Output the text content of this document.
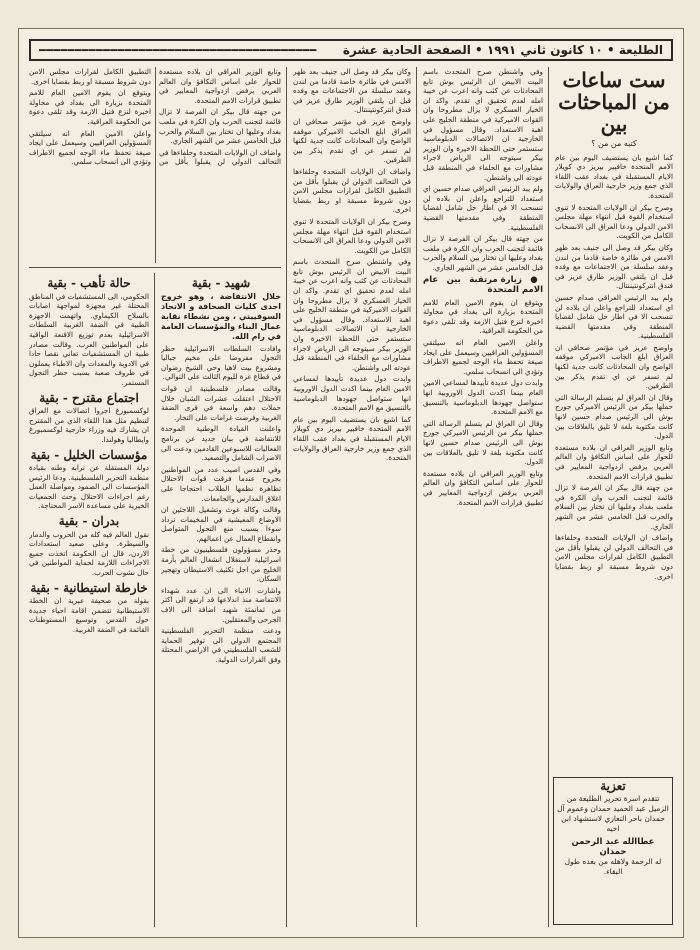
الطليعة • ١٠ كانون ثاني ١٩٩١ • الصفحة الحادية عشرة
━━━━━━━━━━━━━━━━━━━━━━━━━━━━━━━━━━━━━━━
ست ساعات من المباحثات بين
كتبه من من ؟

كما اشيع بان يستضيف اليوم بين عام الامم المتحدة خافيير بيريز دي كويلار الايام المستقبلة في بغداد عقب اللقاء الذي جمع وزير خارجية العراق والولايات المتحدة.

وصرح بيكر ان الولايات المتحدة لا تنوي استخدام القوة قبل انتهاء مهلة مجلس الامن الدولي ودعا العراق الى الانسحاب الكامل من الكويت.

وكان بيكر قد وصل الى جنيف بعد ظهر الامس في طائرة خاصة قادما من لندن وعقد سلسلة من الاجتماعات مع وفده قبل ان يلتقي الوزير طارق عزيز في فندق انتركونتيننتال.

ولم يبد الرئيس العراقي صدام حسين اي استعداد للتراجع واعلن ان بلاده لن تنسحب الا في اطار حل شامل لقضايا المنطقة وفي مقدمتها القضية الفلسطينية.

واوضح عزيز في مؤتمر صحافي ان العراق ابلغ الجانب الاميركي موقفه الواضح وان المحادثات كانت جدية لكنها لم تسفر عن اي تقدم يذكر بين الطرفين.

وقال ان العراق لم يتسلم الرسالة التي حملها بيكر من الرئيس الاميركي جورج بوش الى الرئيس صدام حسين لانها كانت مكتوبة بلغة لا تليق بالعلاقات بين الدول.

وتابع الوزير العراقي ان بلاده مستعدة للحوار على اساس التكافؤ وان العالم العربي يرفض ازدواجية المعايير في تطبيق قرارات الامم المتحدة.

من جهته قال بيكر ان الفرصة لا تزال قائمة لتجنب الحرب وان الكرة في ملعب بغداد وعليها ان تختار بين السلام والحرب قبل الخامس عشر من الشهر الجاري.

واضاف ان الولايات المتحدة وحلفاءها في التحالف الدولي لن يقبلوا بأقل من التطبيق الكامل لقرارات مجلس الامن دون شروط مسبقة او ربط بقضايا اخرى.

تعزية
تتقدم اسرة تحرير الطليعة من الزميل عبد الحميد حمدان وعموم آل حمدان باحر التعازي لاستشهاد ابن اخيه
عطاالله عبد الرحمن حمدان
له الرحمة ولاهله من بعده طول البقاء.

وفي واشنطن صرح المتحدث باسم البيت الابيض ان الرئيس بوش تابع المحادثات عن كثب وانه اعرب عن خيبة امله لعدم تحقيق اي تقدم. واكد ان الخيار العسكري لا يزال مطروحا وان القوات الاميركية في منطقة الخليج على اهبة الاستعداد. وقال مسؤول في الخارجية ان الاتصالات الدبلوماسية ستستمر حتى اللحظة الاخيرة وان الوزير بيكر سيتوجه الى الرياض لاجراء مشاورات مع الحلفاء في المنطقة قبل عودته الى واشنطن.

ولم يبد الرئيس العراقي صدام حسين اي استعداد للتراجع واعلن ان بلاده لن تنسحب الا في اطار حل شامل لقضايا المنطقة وفي مقدمتها القضية الفلسطينية.

من جهته قال بيكر ان الفرصة لا تزال قائمة لتجنب الحرب وان الكرة في ملعب بغداد وعليها ان تختار بين السلام والحرب قبل الخامس عشر من الشهر الجاري.

● زيارة مرتقبة بين عام الامم المتحدة

ويتوقع ان يقوم الامين العام للامم المتحدة بزيارة الى بغداد في محاولة اخيرة لنزع فتيل الازمة وقد تلقى دعوة من الحكومة العراقية.

واعلن الامين العام انه سيلتقي المسؤولين العراقيين وسيعمل على ايجاد صيغة تحفظ ماء الوجه لجميع الاطراف وتؤدي الى انسحاب سلمي.

وابدت دول عديدة تأييدها لمساعي الامين العام بينما اكدت الدول الاوروبية انها ستواصل جهودها الدبلوماسية بالتنسيق مع الامم المتحدة.

وقال ان العراق لم يتسلم الرسالة التي حملها بيكر من الرئيس الاميركي جورج بوش الى الرئيس صدام حسين لانها كانت مكتوبة بلغة لا تليق بالعلاقات بين الدول.

وتابع الوزير العراقي ان بلاده مستعدة للحوار على اساس التكافؤ وان العالم العربي يرفض ازدواجية المعايير في تطبيق قرارات الامم المتحدة.

وكان بيكر قد وصل الى جنيف بعد ظهر الامس في طائرة خاصة قادما من لندن وعقد سلسلة من الاجتماعات مع وفده قبل ان يلتقي الوزير طارق عزيز في فندق انتركونتيننتال.

واوضح عزيز في مؤتمر صحافي ان العراق ابلغ الجانب الاميركي موقفه الواضح وان المحادثات كانت جدية لكنها لم تسفر عن اي تقدم يذكر بين الطرفين.

واضاف ان الولايات المتحدة وحلفاءها في التحالف الدولي لن يقبلوا بأقل من التطبيق الكامل لقرارات مجلس الامن دون شروط مسبقة او ربط بقضايا اخرى.

وصرح بيكر ان الولايات المتحدة لا تنوي استخدام القوة قبل انتهاء مهلة مجلس الامن الدولي ودعا العراق الى الانسحاب الكامل من الكويت.

وفي واشنطن صرح المتحدث باسم البيت الابيض ان الرئيس بوش تابع المحادثات عن كثب وانه اعرب عن خيبة امله لعدم تحقيق اي تقدم. واكد ان الخيار العسكري لا يزال مطروحا وان القوات الاميركية في منطقة الخليج على اهبة الاستعداد. وقال مسؤول في الخارجية ان الاتصالات الدبلوماسية ستستمر حتى اللحظة الاخيرة وان الوزير بيكر سيتوجه الى الرياض لاجراء مشاورات مع الحلفاء في المنطقة قبل عودته الى واشنطن.

وابدت دول عديدة تأييدها لمساعي الامين العام بينما اكدت الدول الاوروبية انها ستواصل جهودها الدبلوماسية بالتنسيق مع الامم المتحدة.

كما اشيع بان يستضيف اليوم بين عام الامم المتحدة خافيير بيريز دي كويلار الايام المستقبلة في بغداد عقب اللقاء الذي جمع وزير خارجية العراق والولايات المتحدة.

شهيد - بقية

خلال الانتفاضة ، وهو خروج احدى كليات الصحافة و الاتحاد السوفييتي ، ومن نشطاء نقابة عمال البناء والمؤسسات العامة في رام الله.

وافادت السلطات الاسرائيلية حظر التجول مفروضا على مخيم جباليا ومشروع بيت لاهيا وحي الشيخ رضوان في قطاع غزة لليوم الثالث على التوالي.

وقالت مصادر فلسطينية ان قوات الاحتلال اعتقلت عشرات الشبان خلال حملات دهم واسعة في قرى الضفة الغربية وفرضت غرامات على التجار.

واعلنت القيادة الوطنية الموحدة للانتفاضة في بيان جديد عن برنامج الفعاليات للاسبوعين القادمين ودعت الى الاضراب الشامل والتصعيد.

وفي القدس اصيب عدد من المواطنين بجروح عندما فرقت قوات الاحتلال تظاهرة نظمها الطلاب احتجاجا على اغلاق المدارس والجامعات.

وقالت وكالة غوث وتشغيل اللاجئين ان الاوضاع المعيشية في المخيمات تزداد سوءا بسبب منع التجول المتواصل وانقطاع العمال عن اعمالهم.

وحذر مسؤولون فلسطينيون من خطة اسرائيلية لاستغلال انشغال العالم بأزمة الخليج من اجل تكثيف الاستيطان وتهجير السكان.

واشارت الانباء الى ان عدد شهداء الانتفاضة منذ اندلاعها قد ارتفع الى اكثر من ثمانمئة شهيد اضافة الى الاف الجرحى والمعتقلين.

ودعت منظمة التحرير الفلسطينية المجتمع الدولي الى توفير الحماية للشعب الفلسطيني في الاراضي المحتلة وفق القرارات الدولية.

وتابع الوزير العراقي ان بلاده مستعدة للحوار على اساس التكافؤ وان العالم العربي يرفض ازدواجية المعايير في تطبيق قرارات الامم المتحدة.

من جهته قال بيكر ان الفرصة لا تزال قائمة لتجنب الحرب وان الكرة في ملعب بغداد وعليها ان تختار بين السلام والحرب قبل الخامس عشر من الشهر الجاري.

واضاف ان الولايات المتحدة وحلفاءها في التحالف الدولي لن يقبلوا بأقل من التطبيق الكامل لقرارات مجلس الامن دون شروط مسبقة او ربط بقضايا اخرى.

ويتوقع ان يقوم الامين العام للامم المتحدة بزيارة الى بغداد في محاولة اخيرة لنزع فتيل الازمة وقد تلقى دعوة من الحكومة العراقية.

واعلن الامين العام انه سيلتقي المسؤولين العراقيين وسيعمل على ايجاد صيغة تحفظ ماء الوجه لجميع الاطراف وتؤدي الى انسحاب سلمي.

حالة تأهب - بقية

الحكومي، الى المستشفيات في المناطق المحتلة غير مجهزة لمواجهة اصابات بالسلاح الكيماوي. واتهمت الاجهزة الطبية في الضفة الغربية السلطات الاسرائيلية بعدم توزيع الاقنعة الواقية على المواطنين العرب. وقالت مصادر طبية ان المستشفيات تعاني نقصا حادا في الادوية والمعدات وان الاطباء يعملون في ظروف صعبة بسبب حظر التجول المستمر.

اجتماع مقترح - بقية

لوكسمبورغ اجروا اتصالات مع العراق لتنظيم مثل هذا اللقاء الذي من المقترح ان يشارك فيه وزراء خارجية لوكسمبورغ وايطاليا وهولندا.

مؤسسات الخليل - بقية

دولة المستقلة عن ترابه وطنه بقيادة منظمة التحرير الفلسطينية. ودعا الرئيس المؤسسات الى الصمود ومواصلة العمل رغم اجراءات الاحتلال وحث الجمعيات الخيرية على مساعدة الاسر المحتاجة.

بدران - بقية

نقول العالم فيه كله من الحروب والدمار والسيطرة. وعلى صعيد استعدادات الاردن، قال ان الحكومة اتخذت جميع الاجراءات اللازمة لحماية المواطنين في حال نشوب الحرب.

خارطة استيطانية - بقية

بقولة من صحيفة عبرية ان الخطة الاستيطانية تتضمن اقامة احياء جديدة حول القدس وتوسيع المستوطنات القائمة في الضفة الغربية.
